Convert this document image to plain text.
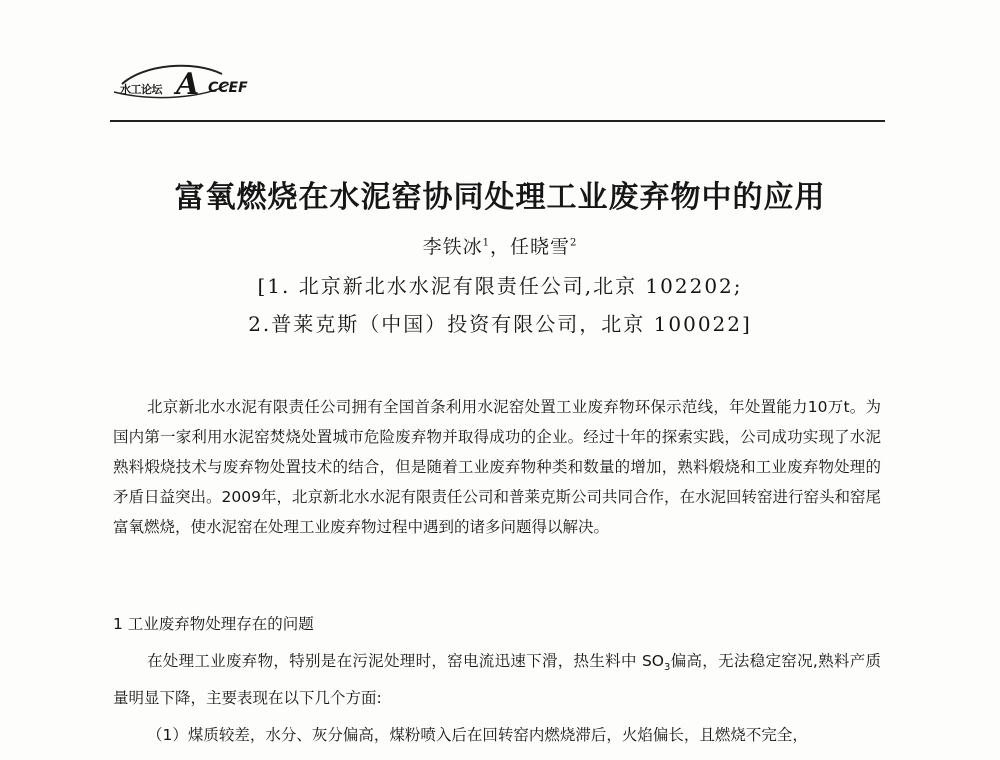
水工论坛 A CCEF
富氧燃烧在水泥窑协同处理工业废弃物中的应用
李铁冰$^1$，任晓雪$^2$
[1. 北京新北水水泥有限责任公司,北京 102202;
2.普莱克斯（中国）投资有限公司，北京 100022]
北京新北水水泥有限责任公司拥有全国首条利用水泥窑处置工业废弃物环保示范线，年处置能力10万t。为国内第一家利用水泥窑焚烧处置城市危险废弃物并取得成功的企业。经过十年的探索实践，公司成功实现了水泥熟料煅烧技术与废弃物处置技术的结合，但是随着工业废弃物种类和数量的增加，熟料煅烧和工业废弃物处理的矛盾日益突出。2009年，北京新北水水泥有限责任公司和普莱克斯公司共同合作，在水泥回转窑进行窑头和窑尾富氧燃烧，使水泥窑在处理工业废弃物过程中遇到的诸多问题得以解决。
1 工业废弃物处理存在的问题
在处理工业废弃物，特别是在污泥处理时，窑电流迅速下滑，热生料中 $SO_3$偏高，无法稳定窑况,熟料产质量明显下降，主要表现在以下几个方面:
（1）煤质较差，水分、灰分偏高，煤粉喷入后在回转窑内燃烧滞后，火焰偏长，且燃烧不完全，
